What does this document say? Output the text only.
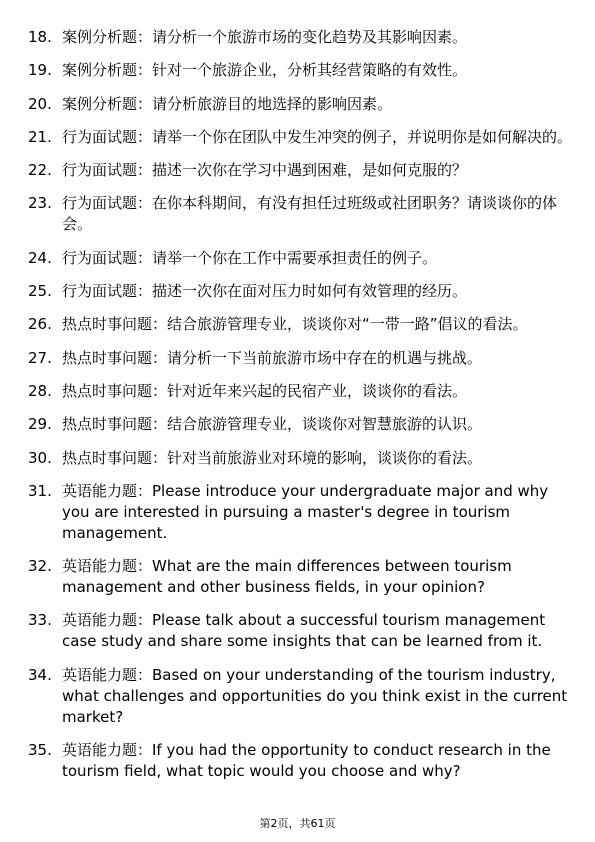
18. 案例分析题：请分析一个旅游市场的变化趋势及其影响因素。
19. 案例分析题：针对一个旅游企业，分析其经营策略的有效性。
20. 案例分析题：请分析旅游目的地选择的影响因素。
21. 行为面试题：请举一个你在团队中发生冲突的例子，并说明你是如何解决的。
22. 行为面试题：描述一次你在学习中遇到困难，是如何克服的？
23. 行为面试题：在你本科期间，有没有担任过班级或社团职务？请谈谈你的体会。
24. 行为面试题：请举一个你在工作中需要承担责任的例子。
25. 行为面试题：描述一次你在面对压力时如何有效管理的经历。
26. 热点时事问题：结合旅游管理专业，谈谈你对“一带一路”倡议的看法。
27. 热点时事问题：请分析一下当前旅游市场中存在的机遇与挑战。
28. 热点时事问题：针对近年来兴起的民宿产业，谈谈你的看法。
29. 热点时事问题：结合旅游管理专业，谈谈你对智慧旅游的认识。
30. 热点时事问题：针对当前旅游业对环境的影响，谈谈你的看法。
31. 英语能力题：Please introduce your undergraduate major and why you are interested in pursuing a master's degree in tourism management.
32. 英语能力题：What are the main differences between tourism management and other business fields, in your opinion?
33. 英语能力题：Please talk about a successful tourism management case study and share some insights that can be learned from it.
34. 英语能力题：Based on your understanding of the tourism industry, what challenges and opportunities do you think exist in the current market?
35. 英语能力题：If you had the opportunity to conduct research in the tourism field, what topic would you choose and why?
第2页，共61页
